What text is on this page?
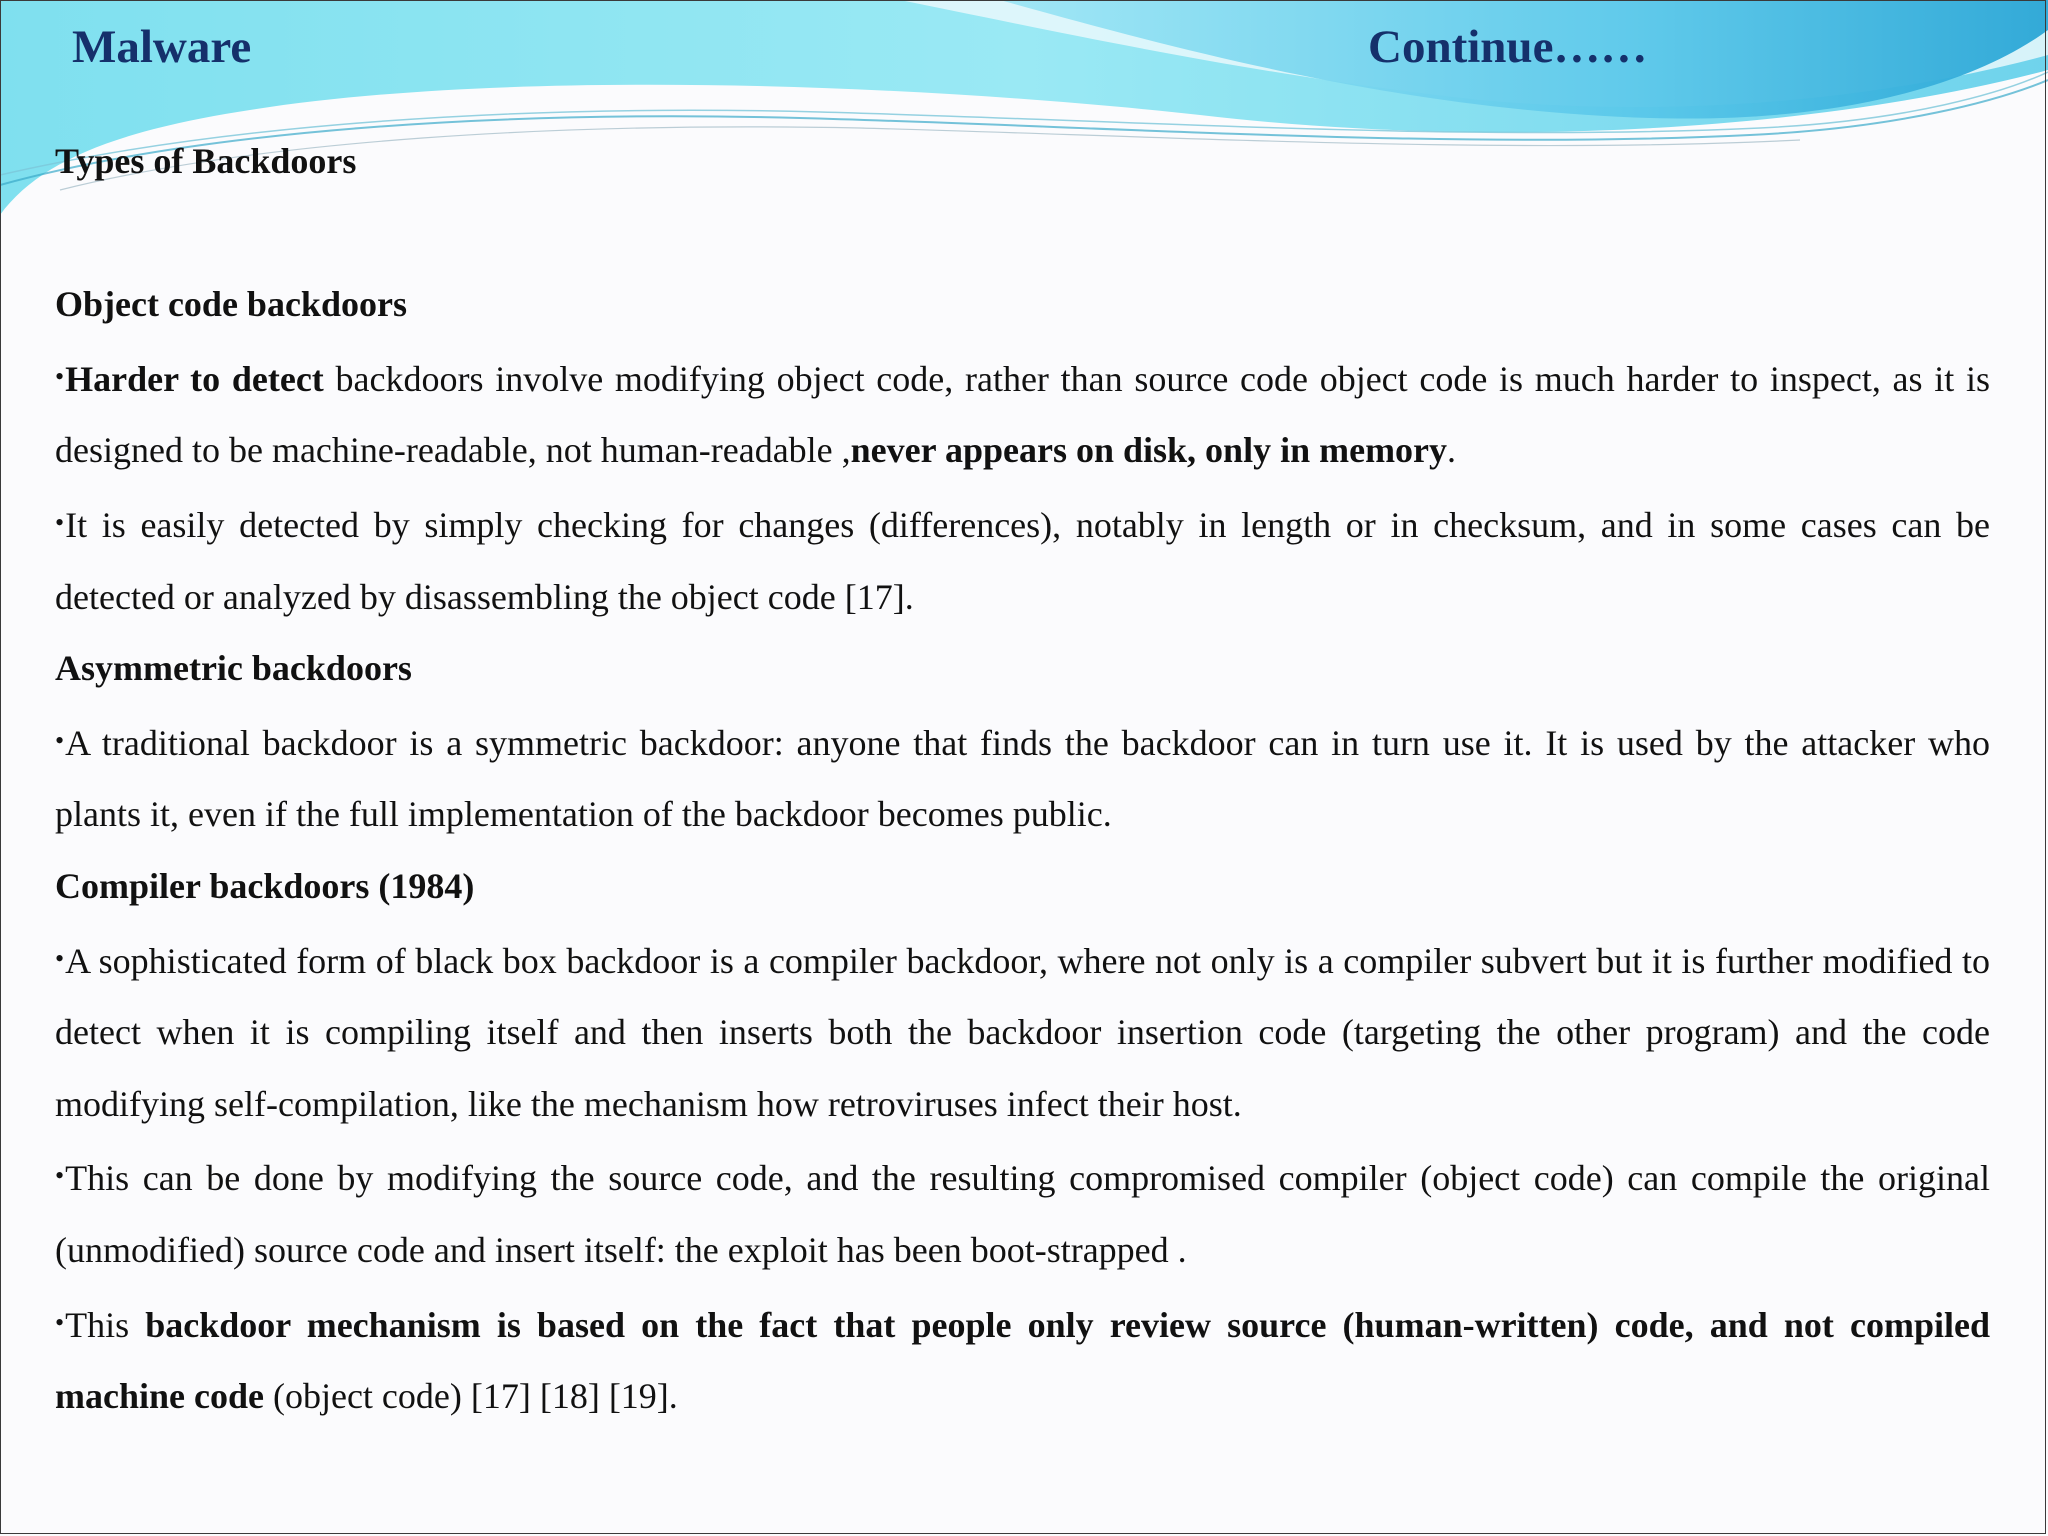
Malware	Continue……

Types of Backdoors

Object code backdoors

•Harder to detect backdoors involve modifying object code, rather than source code object code is much harder to inspect, as it is designed to be machine-readable, not human-readable ,never appears on disk, only in memory.

•It is easily detected by simply checking for changes (differences), notably in length or in checksum, and in some cases can be detected or analyzed by disassembling the object code [17].

Asymmetric backdoors

•A traditional backdoor is a symmetric backdoor: anyone that finds the backdoor can in turn use it. It is used by the attacker who plants it, even if the full implementation of the backdoor becomes public.

Compiler backdoors (1984)

•A sophisticated form of black box backdoor is a compiler backdoor, where not only is a compiler subvert but it is further modified to detect when it is compiling itself and then inserts both the backdoor insertion code (targeting the other program) and the code modifying self-compilation, like the mechanism how retroviruses infect their host.

•This can be done by modifying the source code, and the resulting compromised compiler (object code) can compile the original (unmodified) source code and insert itself: the exploit has been boot-strapped .

•This backdoor mechanism is based on the fact that people only review source (human-written) code, and not compiled machine code (object code) [17] [18] [19].
